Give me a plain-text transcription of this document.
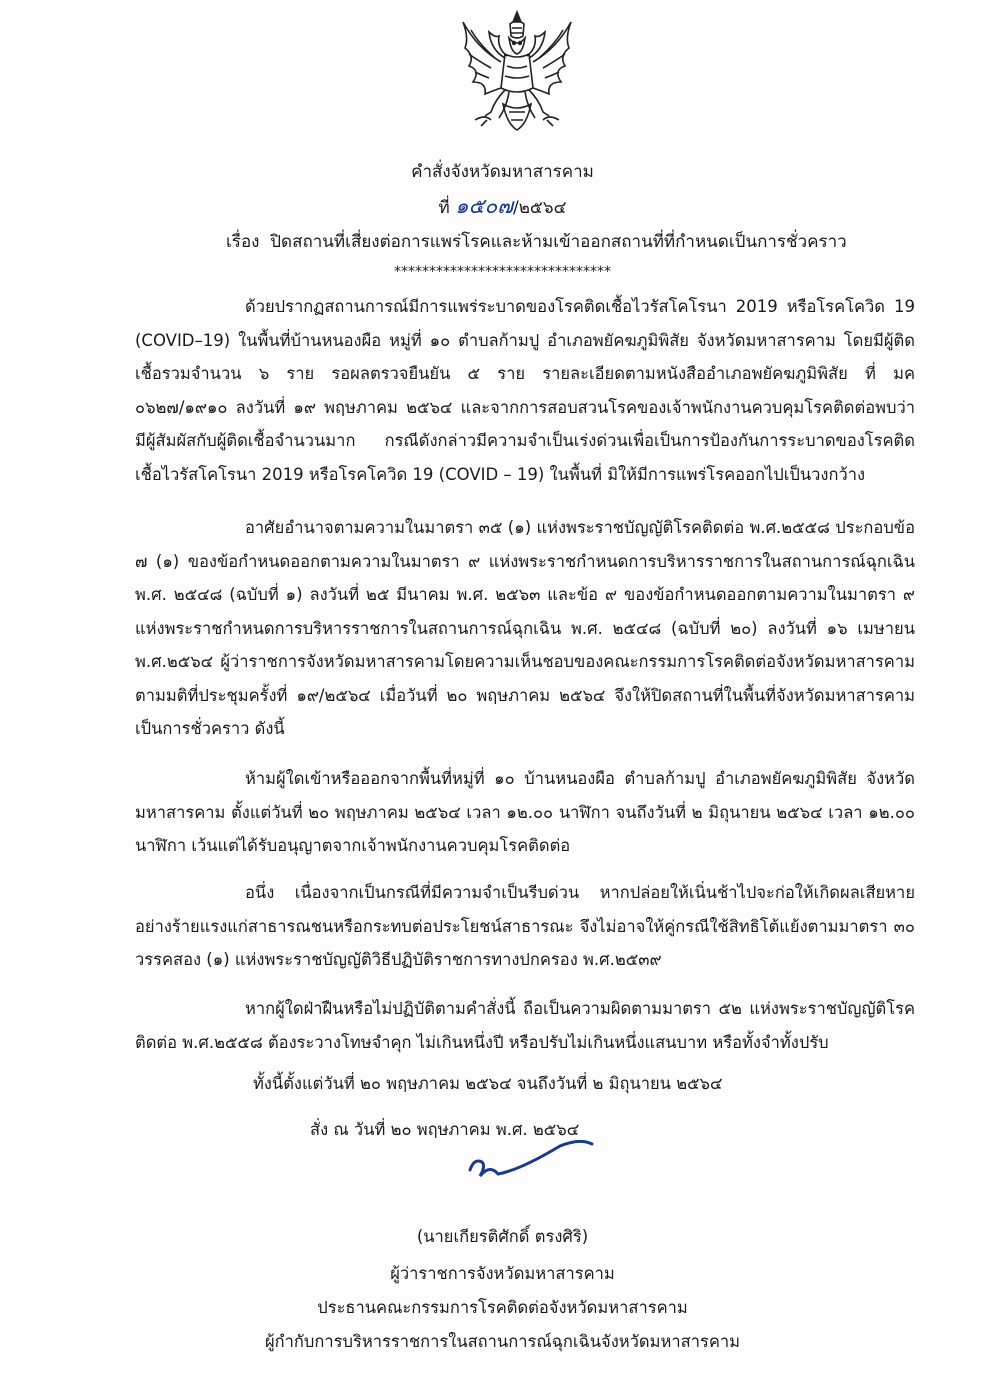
คำสั่งจังหวัดมหาสารคาม
ที่ ๑๕๐๗/๒๕๖๔
เรื่อง ปิดสถานที่เสี่ยงต่อการแพร่โรคและห้ามเข้าออกสถานที่ที่กำหนดเป็นการชั่วคราว
*******************************

ด้วยปรากฏสถานการณ์มีการแพร่ระบาดของโรคติดเชื้อไวรัสโคโรนา 2019 หรือโรคโควิด 19 (COVID–19) ในพื้นที่บ้านหนองผือ หมู่ที่ ๑๐ ตำบลก้ามปู อำเภอพยัคฆภูมิพิสัย จังหวัดมหาสารคาม โดยมีผู้ติดเชื้อรวมจำนวน ๖ ราย รอผลตรวจยืนยัน ๕ ราย รายละเอียดตามหนังสืออำเภอพยัคฆภูมิพิสัย ที่ มค ๐๖๒๗/๑๙๑๐ ลงวันที่ ๑๙ พฤษภาคม ๒๕๖๔ และจากการสอบสวนโรคของเจ้าพนักงานควบคุมโรคติดต่อพบว่า มีผู้สัมผัสกับผู้ติดเชื้อจำนวนมาก กรณีดังกล่าวมีความจำเป็นเร่งด่วนเพื่อเป็นการป้องกันการระบาดของโรคติดเชื้อไวรัสโคโรนา 2019 หรือโรคโควิด 19 (COVID – 19) ในพื้นที่ มิให้มีการแพร่โรคออกไปเป็นวงกว้าง

อาศัยอำนาจตามความในมาตรา ๓๕ (๑) แห่งพระราชบัญญัติโรคติดต่อ พ.ศ.๒๕๕๘ ประกอบข้อ ๗ (๑) ของข้อกำหนดออกตามความในมาตรา ๙ แห่งพระราชกำหนดการบริหารราชการในสถานการณ์ฉุกเฉิน พ.ศ. ๒๕๔๘ (ฉบับที่ ๑) ลงวันที่ ๒๕ มีนาคม พ.ศ. ๒๕๖๓ และข้อ ๙ ของข้อกำหนดออกตามความในมาตรา ๙ แห่งพระราชกำหนดการบริหารราชการในสถานการณ์ฉุกเฉิน พ.ศ. ๒๕๔๘ (ฉบับที่ ๒๐) ลงวันที่ ๑๖ เมษายน พ.ศ.๒๕๖๔ ผู้ว่าราชการจังหวัดมหาสารคามโดยความเห็นชอบของคณะกรรมการโรคติดต่อจังหวัดมหาสารคาม ตามมติที่ประชุมครั้งที่ ๑๙/๒๕๖๔ เมื่อวันที่ ๒๐ พฤษภาคม ๒๕๖๔ จึงให้ปิดสถานที่ในพื้นที่จังหวัดมหาสารคาม เป็นการชั่วคราว ดังนี้

ห้ามผู้ใดเข้าหรือออกจากพื้นที่หมู่ที่ ๑๐ บ้านหนองผือ ตำบลก้ามปู อำเภอพยัคฆภูมิพิสัย จังหวัดมหาสารคาม ตั้งแต่วันที่ ๒๐ พฤษภาคม ๒๕๖๔ เวลา ๑๒.๐๐ นาฬิกา จนถึงวันที่ ๒ มิถุนายน ๒๕๖๔ เวลา ๑๒.๐๐ นาฬิกา เว้นแต่ได้รับอนุญาตจากเจ้าพนักงานควบคุมโรคติดต่อ

อนึ่ง เนื่องจากเป็นกรณีที่มีความจำเป็นรีบด่วน หากปล่อยให้เนิ่นช้าไปจะก่อให้เกิดผลเสียหายอย่างร้ายแรงแก่สาธารณชนหรือกระทบต่อประโยชน์สาธารณะ จึงไม่อาจให้คู่กรณีใช้สิทธิโต้แย้งตามมาตรา ๓๐ วรรคสอง (๑) แห่งพระราชบัญญัติวิธีปฏิบัติราชการทางปกครอง พ.ศ.๒๕๓๙

หากผู้ใดฝ่าฝืนหรือไม่ปฏิบัติตามคำสั่งนี้ ถือเป็นความผิดตามมาตรา ๕๒ แห่งพระราชบัญญัติโรคติดต่อ พ.ศ.๒๕๕๘ ต้องระวางโทษจำคุก ไม่เกินหนึ่งปี หรือปรับไม่เกินหนึ่งแสนบาท หรือทั้งจำทั้งปรับ

ทั้งนี้ตั้งแต่วันที่ ๒๐ พฤษภาคม ๒๕๖๔ จนถึงวันที่ ๒ มิถุนายน ๒๕๖๔
สั่ง ณ วันที่ ๒๐ พฤษภาคม พ.ศ. ๒๕๖๔
(นายเกียรติศักดิ์ ตรงศิริ)
ผู้ว่าราชการจังหวัดมหาสารคาม
ประธานคณะกรรมการโรคติดต่อจังหวัดมหาสารคาม
ผู้กำกับการบริหารราชการในสถานการณ์ฉุกเฉินจังหวัดมหาสารคาม
